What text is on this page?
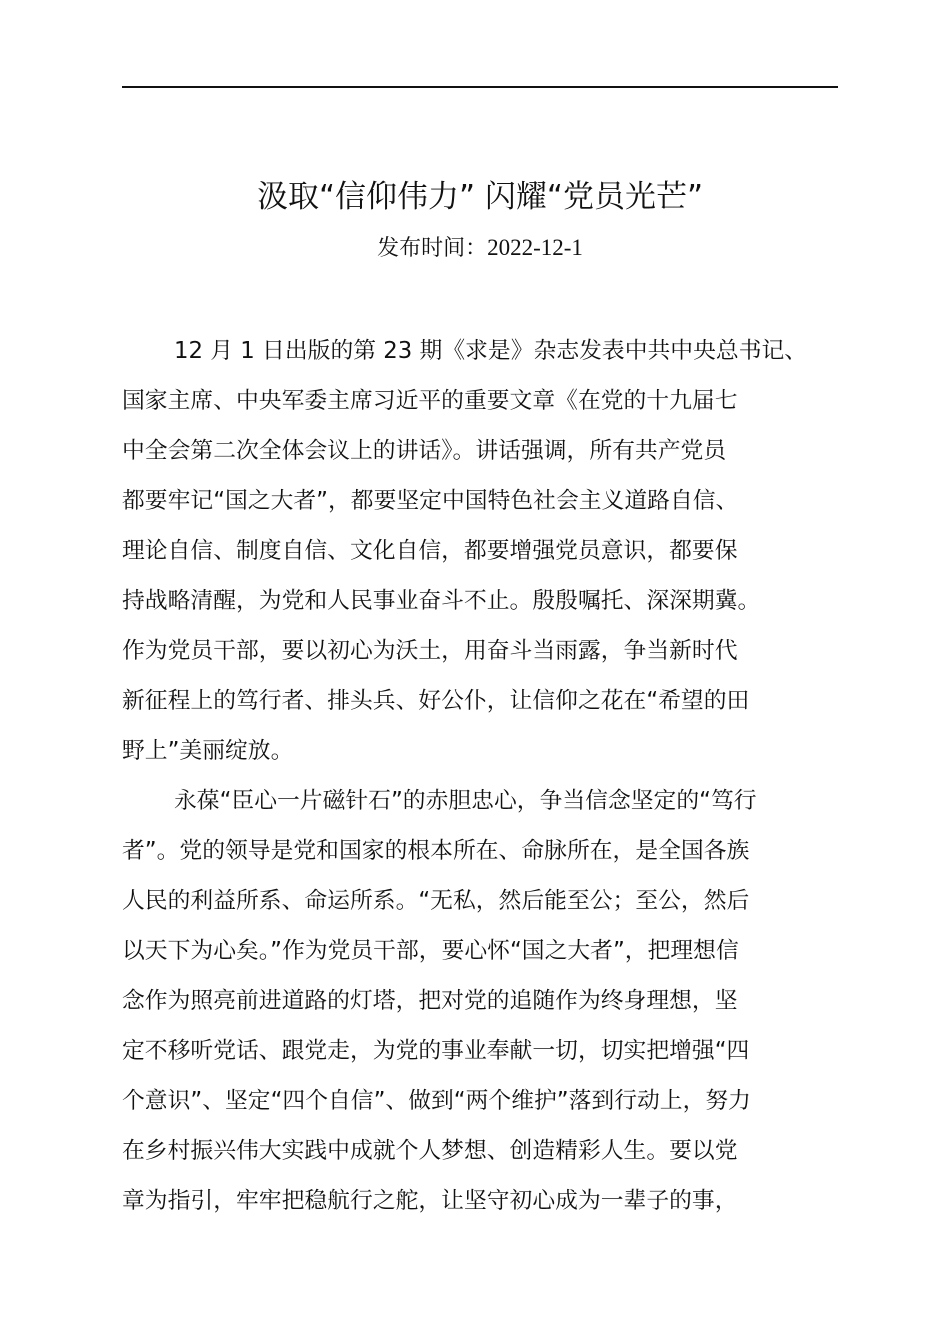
汲取“信仰伟力” 闪耀“党员光芒”
发布时间：2022-12-1
12 月 1 日出版的第 23 期《求是》杂志发表中共中央总书记、
国家主席、中央军委主席习近平的重要文章《在党的十九届七
中全会第二次全体会议上的讲话》。讲话强调，所有共产党员
都要牢记“国之大者”，都要坚定中国特色社会主义道路自信、
理论自信、制度自信、文化自信，都要增强党员意识，都要保
持战略清醒，为党和人民事业奋斗不止。殷殷嘱托、深深期冀。
作为党员干部，要以初心为沃土，用奋斗当雨露，争当新时代
新征程上的笃行者、排头兵、好公仆，让信仰之花在“希望的田
野上”美丽绽放。
永葆“臣心一片磁针石”的赤胆忠心，争当信念坚定的“笃行
者”。党的领导是党和国家的根本所在、命脉所在，是全国各族
人民的利益所系、命运所系。“无私，然后能至公；至公，然后
以天下为心矣。”作为党员干部，要心怀“国之大者”，把理想信
念作为照亮前进道路的灯塔，把对党的追随作为终身理想，坚
定不移听党话、跟党走，为党的事业奉献一切，切实把增强“四
个意识”、坚定“四个自信”、做到“两个维护”落到行动上，努力
在乡村振兴伟大实践中成就个人梦想、创造精彩人生。要以党
章为指引，牢牢把稳航行之舵，让坚守初心成为一辈子的事，
